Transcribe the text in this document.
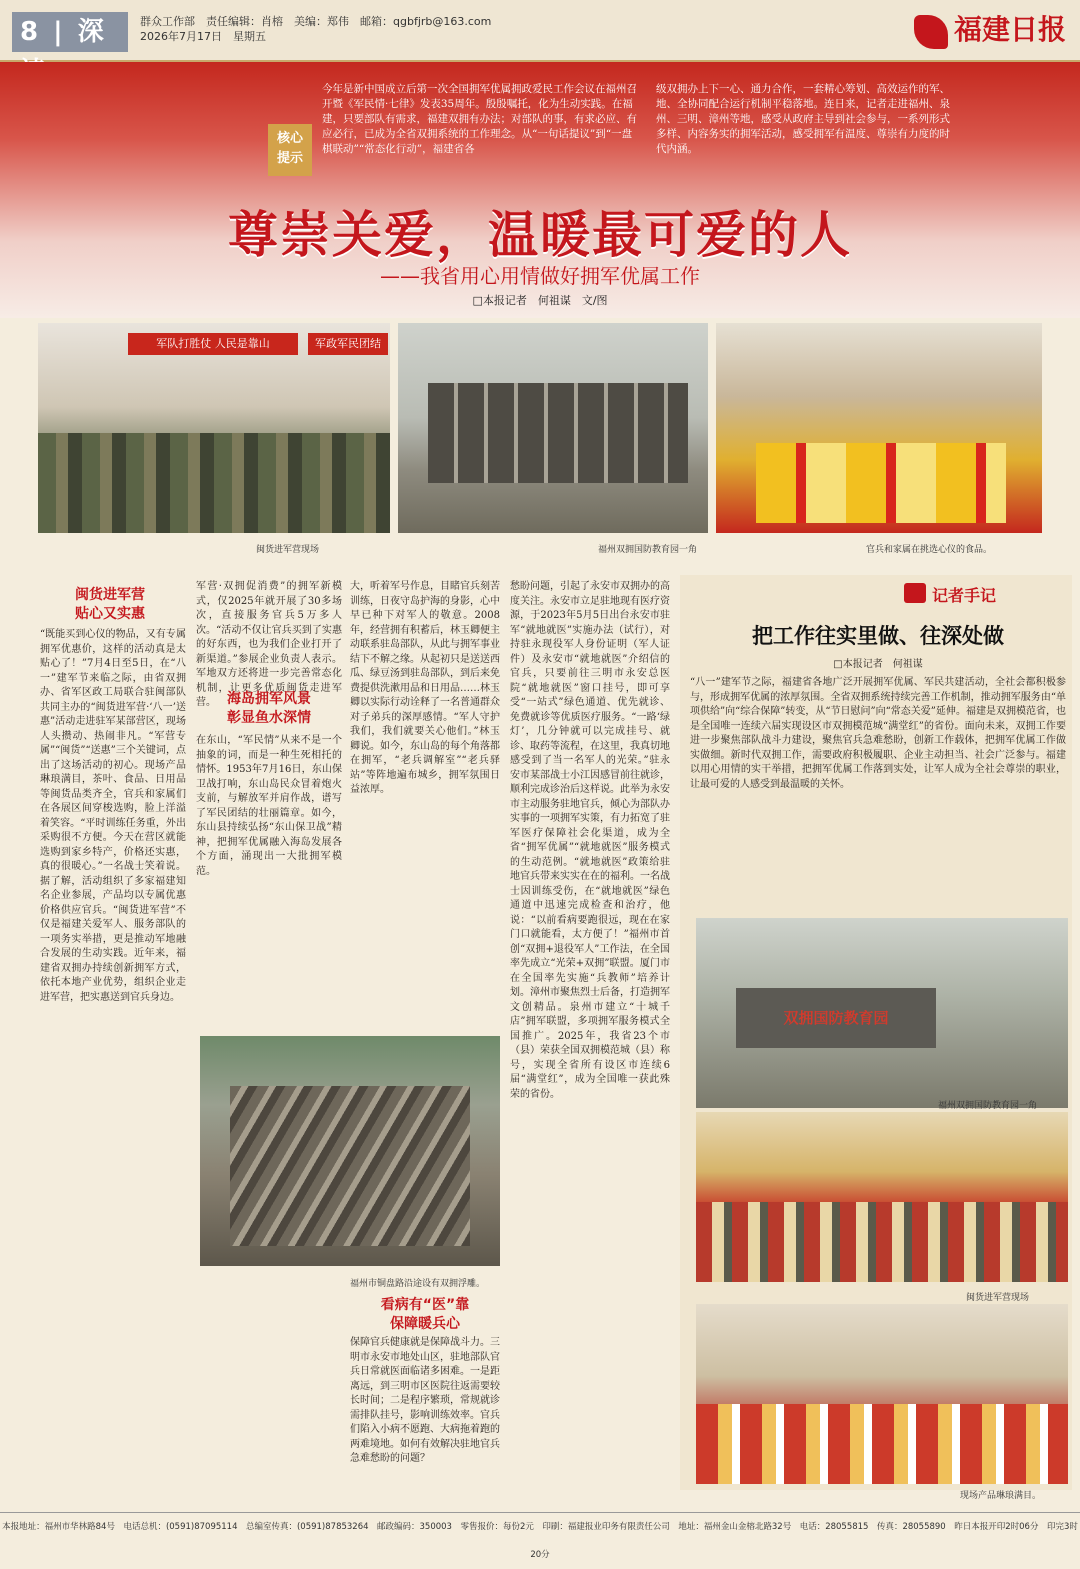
8 | 深	群众工作部　责任编辑：肖榕　美编：郑伟　邮箱：qgbfjrb@163.com
2026年7月17日　星期五	福建日报
核心提示
今年是新中国成立后第一次全国拥军优属拥政爱民工作会议在福州召开暨《军民情·七律》发表35周年。殷殷嘱托，化为生动实践。在福建，只要部队有需求，福建双拥有办法；对部队的事，有求必应、有应必行，已成为全省双拥系统的工作理念。从“一句话提议”到“一盘棋联动”“常态化行动”，福建省各
级双拥办上下一心、通力合作，一套精心筹划、高效运作的军、地、全协同配合运行机制平稳落地。连日来，记者走进福州、泉州、三明、漳州等地，感受从政府主导到社会参与，一系列形式多样、内容务实的拥军活动，感受拥军有温度、尊崇有力度的时代内涵。
尊崇关爱，温暖最可爱的人
——我省用心用情做好拥军优属工作
□本报记者　何祖谋　文/图
军队打胜仗 人民是靠山	军政军民团结
闽货进军营现场	福州双拥国防教育园一角	官兵和家属在挑选心仪的食品。
闽货进军营
贴心又实惠
“既能买到心仪的物品，又有专属拥军优惠价，这样的活动真是太贴心了！”7月4日至5日，在“八一”建军节来临之际，由省双拥办、省军区政工局联合驻闽部队共同主办的“闽货进军营·‘八一’送惠”活动走进驻军某部营区，现场人头攒动、热闹非凡。“军营专属”“闽货”“送惠”三个关键词，点出了这场活动的初心。现场产品琳琅满目，茶叶、食品、日用品等闽货品类齐全，官兵和家属们在各展区间穿梭选购，脸上洋溢着笑容。“平时训练任务重，外出采购很不方便。今天在营区就能选购到家乡特产，价格还实惠，真的很暖心。”一名战士笑着说。据了解，活动组织了多家福建知名企业参展，产品均以专属优惠价格供应官兵。“闽货进军营”不仅是福建关爱军人、服务部队的一项务实举措，更是推动军地融合发展的生动实践。近年来，福建省双拥办持续创新拥军方式，依托本地产业优势，组织企业走进军营，把实惠送到官兵身边。
军营·双拥促消费”的拥军新模式，仅2025年就开展了30多场次，直接服务官兵5万多人次。“活动不仅让官兵买到了实惠的好东西，也为我们企业打开了新渠道。”参展企业负责人表示。军地双方还将进一步完善常态化机制，让更多优质闽货走进军营。 海岛拥军风景
彰显鱼水深情
在东山，“军民情”从来不是一个抽象的词，而是一种生死相托的情怀。1953年7月16日，东山保卫战打响，东山岛民众冒着炮火支前，与解放军并肩作战，谱写了军民团结的壮丽篇章。如今，东山县持续弘扬“东山保卫战”精神，把拥军优属融入海岛发展各个方面，涌现出一大批拥军模范。
大，听着军号作息，目睹官兵刻苦训练，日夜守岛护海的身影，心中早已种下对军人的敬意。2008年，经营拥有积蓄后，林玉卿便主动联系驻岛部队，从此与拥军事业结下不解之缘。从起初只是送送西瓜、绿豆汤到驻岛部队，到后来免费提供洗漱用品和日用品……林玉卿以实际行动诠释了一名普通群众对子弟兵的深厚感情。“军人守护我们，我们就要关心他们。”林玉卿说。如今，东山岛的每个角落都在拥军，“老兵调解室”“老兵驿站”等阵地遍布城乡，拥军氛围日益浓厚。
福州市铜盘路沿途设有双拥浮雕。
看病有“医”靠
保障暖兵心
保障官兵健康就是保障战斗力。三明市永安市地处山区，驻地部队官兵日常就医面临诸多困难。一是距离远，到三明市区医院往返需要较长时间；二是程序繁琐，常规就诊需排队挂号，影响训练效率。官兵们陷入小病不愿跑、大病拖着跑的两难境地。如何有效解决驻地官兵急难愁盼的问题？
愁盼问题，引起了永安市双拥办的高度关注。永安市立足驻地现有医疗资源，于2023年5月5日出台永安市驻军“就地就医”实施办法（试行），对持驻永现役军人身份证明（军人证件）及永安市“就地就医”介绍信的官兵，只要前往三明市永安总医院“就地就医”窗口挂号，即可享受“一站式”绿色通道、优先就诊、免费就诊等优质医疗服务。“一路‘绿灯’，几分钟就可以完成挂号、就诊、取药等流程，在这里，我真切地感受到了当一名军人的光荣。”驻永安市某部战士小江因感冒前往就诊，顺利完成诊治后这样说。此举为永安市主动服务驻地官兵，倾心为部队办实事的一项拥军实策，有力拓宽了驻军医疗保障社会化渠道，成为全省“拥军优属”“就地就医”服务模式的生动范例。“就地就医”政策给驻地官兵带来实实在在的福利。一名战士因训练受伤，在“就地就医”绿色通道中迅速完成检查和治疗，他说：“以前看病要跑很远，现在在家门口就能看，太方便了！”福州市首创“双拥+退役军人”工作法，在全国率先成立“光荣+双拥”联盟。厦门市在全国率先实施“兵教师”培养计划。漳州市聚焦烈士后备，打造拥军文创精品。泉州市建立“十城千店”拥军联盟，多项拥军服务模式全国推广。2025年，我省23个市（县）荣获全国双拥模范城（县）称号，实现全省所有设区市连续6届“满堂红”，成为全国唯一获此殊荣的省份。
记者手记
把工作往实里做、往深处做
□本报记者　何祖谋
“八一”建军节之际，福建省各地广泛开展拥军优属、军民共建活动，全社会都积极参与，形成拥军优属的浓厚氛围。全省双拥系统持续完善工作机制，推动拥军服务由“单项供给”向“综合保障”转变，从“节日慰问”向“常态关爱”延伸。福建是双拥模范省，也是全国唯一连续六届实现设区市双拥模范城“满堂红”的省份。面向未来，双拥工作要进一步聚焦部队战斗力建设，聚焦官兵急难愁盼，创新工作载体，把拥军优属工作做实做细。新时代双拥工作，需要政府积极履职、企业主动担当、社会广泛参与。福建以用心用情的实干举措，把拥军优属工作落到实处，让军人成为全社会尊崇的职业，让最可爱的人感受到最温暖的关怀。
双拥国防教育园
福州双拥国防教育园一角
闽货进军营现场
现场产品琳琅满目。
本报地址：福州市华林路84号　电话总机：(0591)87095114　总编室传真：(0591)87853264　邮政编码：350003　零售报价：每份2元　印刷：福建报业印务有限责任公司　地址：福州金山金榕北路32号　电话：28055815　传真：28055890　昨日本报开印2时06分　印完3时20分
